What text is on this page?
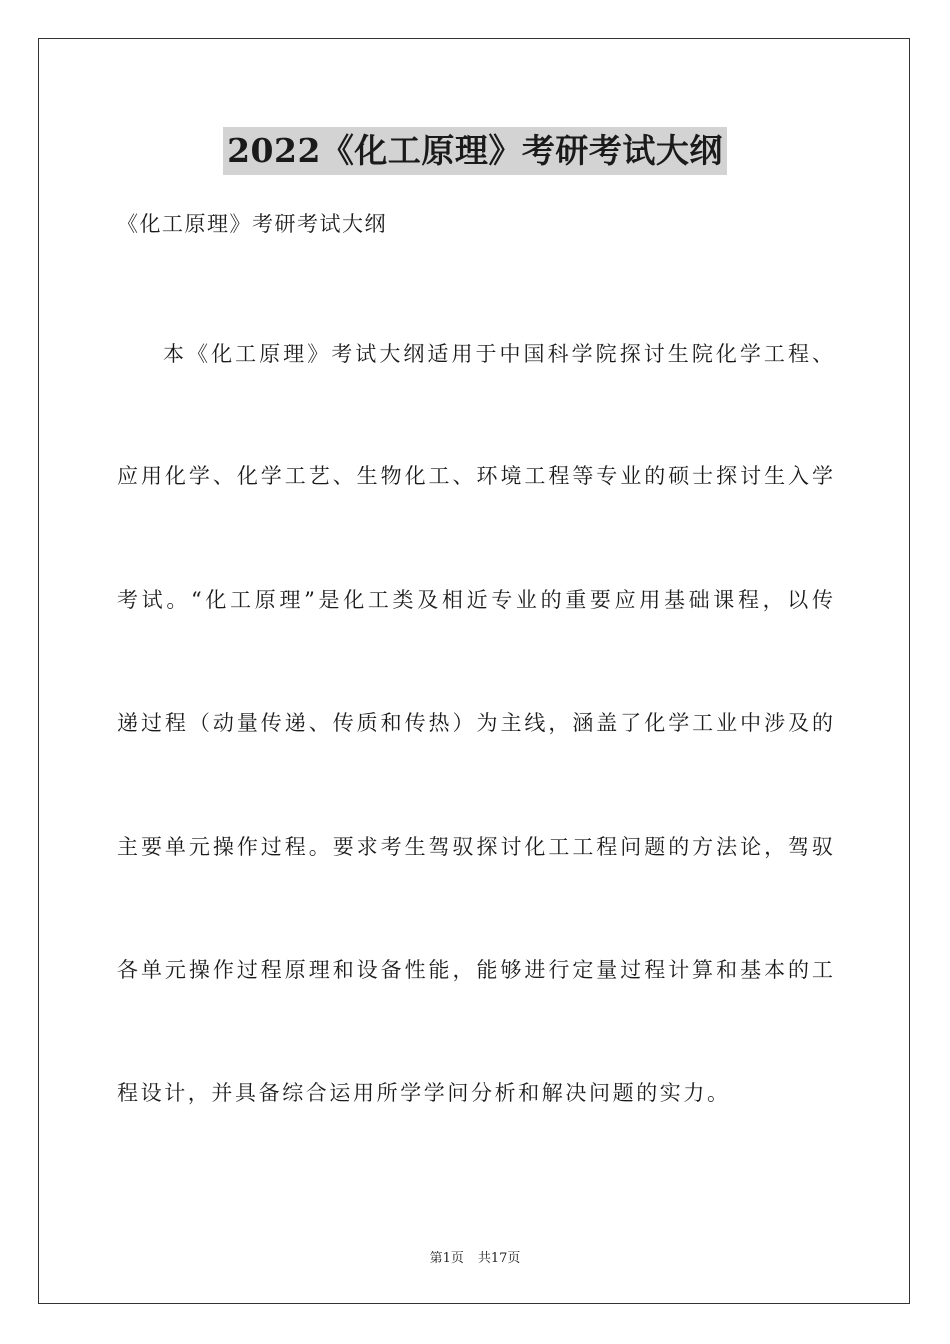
2022《化工原理》考研考试大纲
《化工原理》考研考试大纲
本《化工原理》考试大纲适用于中国科学院探讨生院化学工程、
应用化学、化学工艺、生物化工、环境工程等专业的硕士探讨生入学
考试。“化工原理”是化工类及相近专业的重要应用基础课程，以传
递过程（动量传递、传质和传热）为主线，涵盖了化学工业中涉及的
主要单元操作过程。要求考生驾驭探讨化工工程问题的方法论，驾驭
各单元操作过程原理和设备性能，能够进行定量过程计算和基本的工
程设计，并具备综合运用所学学问分析和解决问题的实力。
第1页 共17页
